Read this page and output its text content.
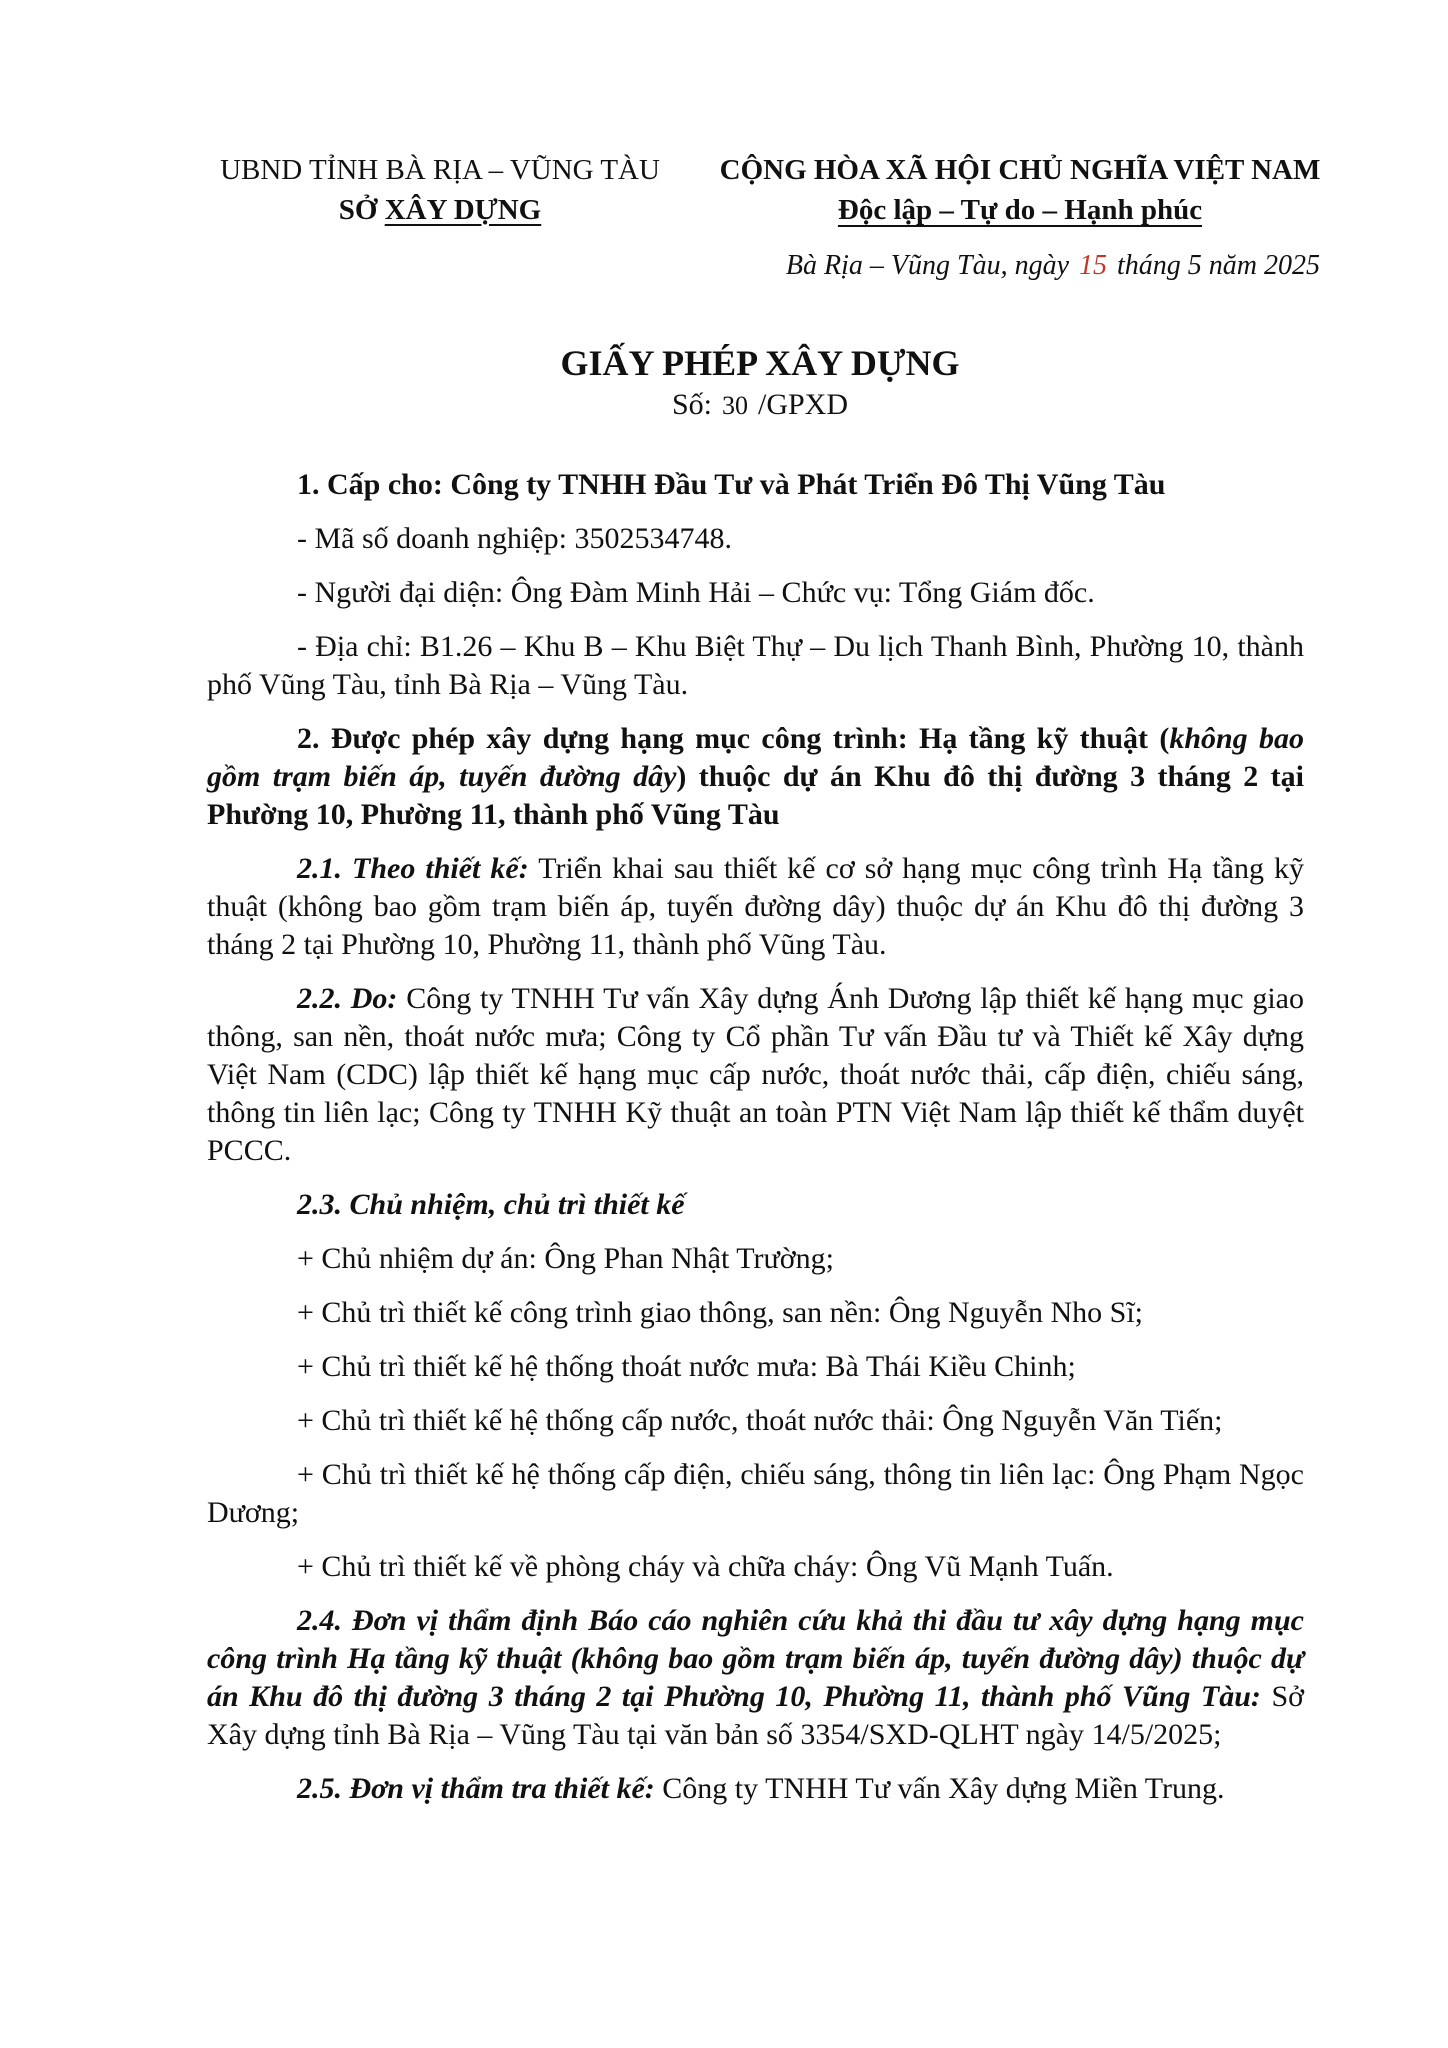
UBND TỈNH BÀ RỊA – VŨNG TÀU
SỞ XÂY DỰNG
CỘNG HÒA XÃ HỘI CHỦ NGHĨA VIỆT NAM
Độc lập – Tự do – Hạnh phúc
Bà Rịa – Vũng Tàu, ngày 15 tháng 5 năm 2025
GIẤY PHÉP XÂY DỰNG
Số: 30 /GPXD

1. Cấp cho: Công ty TNHH Đầu Tư và Phát Triển Đô Thị Vũng Tàu

- Mã số doanh nghiệp: 3502534748.

- Người đại diện: Ông Đàm Minh Hải – Chức vụ: Tổng Giám đốc.

- Địa chỉ: B1.26 – Khu B – Khu Biệt Thự – Du lịch Thanh Bình, Phường 10, thành phố Vũng Tàu, tỉnh Bà Rịa – Vũng Tàu.

2. Được phép xây dựng hạng mục công trình: Hạ tầng kỹ thuật (không bao gồm trạm biến áp, tuyến đường dây) thuộc dự án Khu đô thị đường 3 tháng 2 tại Phường 10, Phường 11, thành phố Vũng Tàu

2.1. Theo thiết kế: Triển khai sau thiết kế cơ sở hạng mục công trình Hạ tầng kỹ thuật (không bao gồm trạm biến áp, tuyến đường dây) thuộc dự án Khu đô thị đường 3 tháng 2 tại Phường 10, Phường 11, thành phố Vũng Tàu.

2.2. Do: Công ty TNHH Tư vấn Xây dựng Ánh Dương lập thiết kế hạng mục giao thông, san nền, thoát nước mưa; Công ty Cổ phần Tư vấn Đầu tư và Thiết kế Xây dựng Việt Nam (CDC) lập thiết kế hạng mục cấp nước, thoát nước thải, cấp điện, chiếu sáng, thông tin liên lạc; Công ty TNHH Kỹ thuật an toàn PTN Việt Nam lập thiết kế thẩm duyệt PCCC.

2.3. Chủ nhiệm, chủ trì thiết kế

+ Chủ nhiệm dự án: Ông Phan Nhật Trường;

+ Chủ trì thiết kế công trình giao thông, san nền: Ông Nguyễn Nho Sĩ;

+ Chủ trì thiết kế hệ thống thoát nước mưa: Bà Thái Kiều Chinh;

+ Chủ trì thiết kế hệ thống cấp nước, thoát nước thải: Ông Nguyễn Văn Tiến;

+ Chủ trì thiết kế hệ thống cấp điện, chiếu sáng, thông tin liên lạc: Ông Phạm Ngọc Dương;

+ Chủ trì thiết kế về phòng cháy và chữa cháy: Ông Vũ Mạnh Tuấn.

2.4. Đơn vị thẩm định Báo cáo nghiên cứu khả thi đầu tư xây dựng hạng mục công trình Hạ tầng kỹ thuật (không bao gồm trạm biến áp, tuyến đường dây) thuộc dự án Khu đô thị đường 3 tháng 2 tại Phường 10, Phường 11, thành phố Vũng Tàu: Sở Xây dựng tỉnh Bà Rịa – Vũng Tàu tại văn bản số 3354/SXD-QLHT ngày 14/5/2025;

2.5. Đơn vị thẩm tra thiết kế: Công ty TNHH Tư vấn Xây dựng Miền Trung.
